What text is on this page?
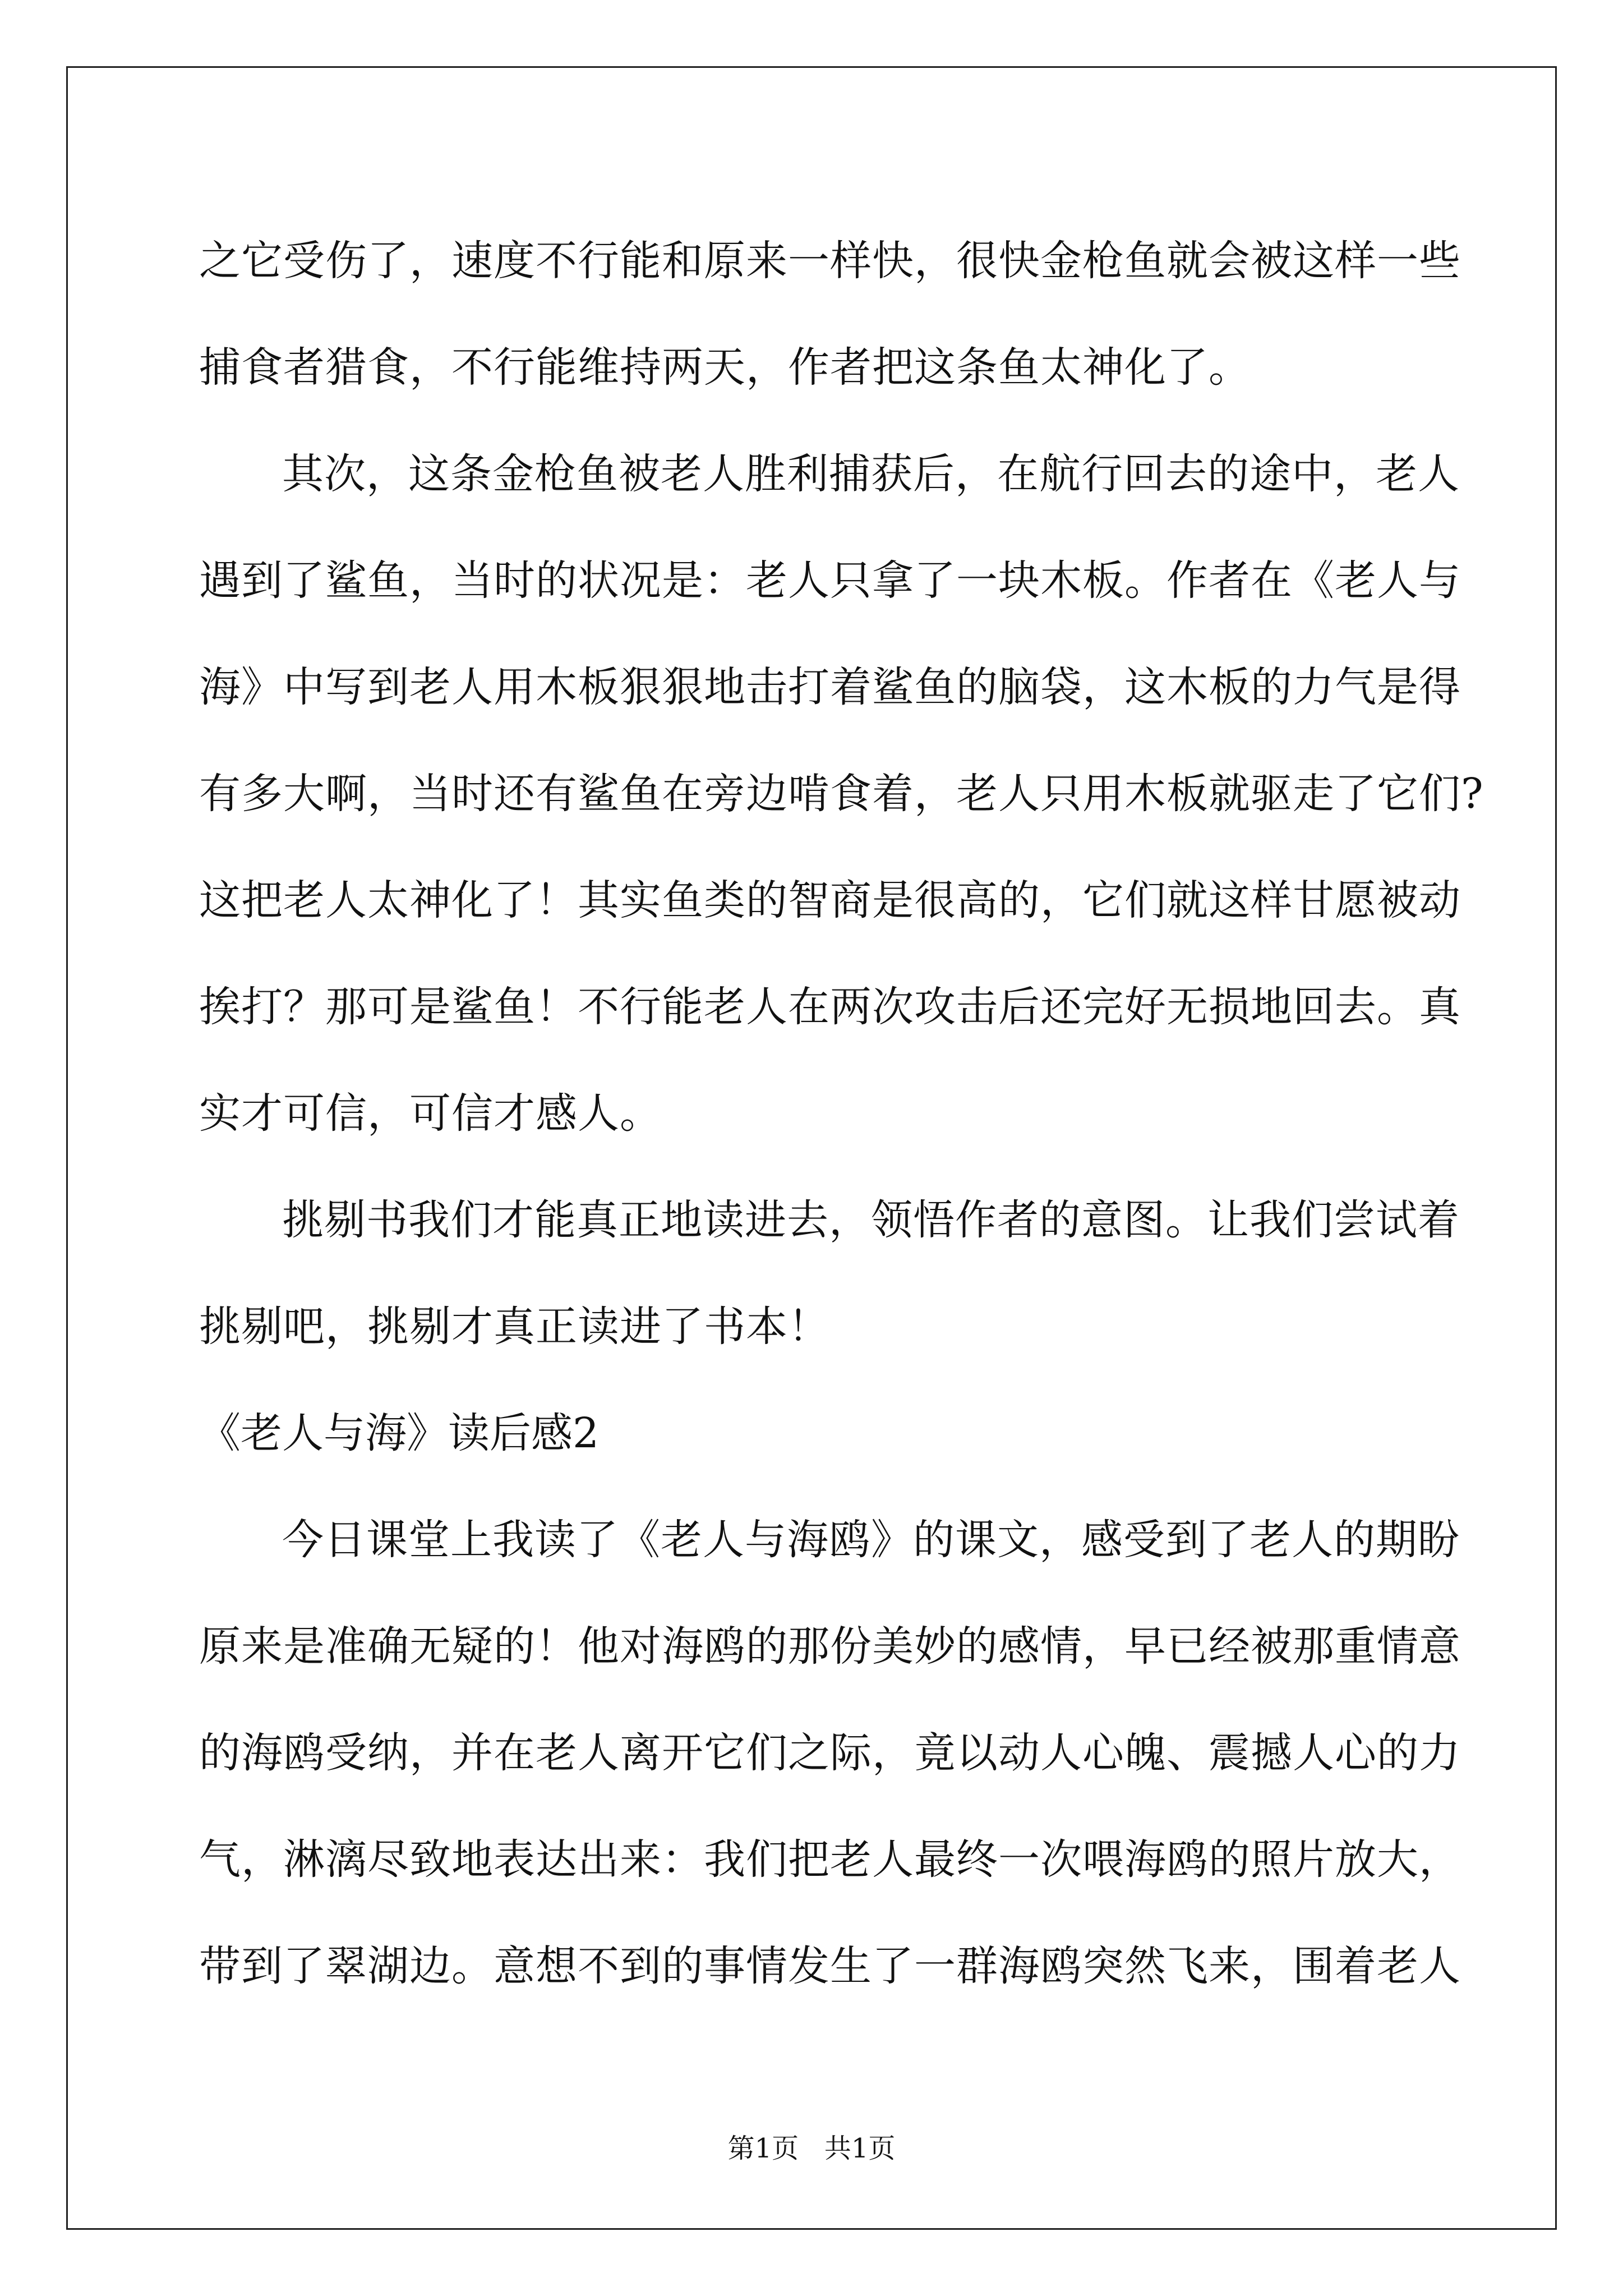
之它受伤了，速度不行能和原来一样快，很快金枪鱼就会被这样一些
捕食者猎食，不行能维持两天，作者把这条鱼太神化了。
其次，这条金枪鱼被老人胜利捕获后，在航行回去的途中，老人
遇到了鲨鱼，当时的状况是：老人只拿了一块木板。作者在《老人与
海》中写到老人用木板狠狠地击打着鲨鱼的脑袋，这木板的力气是得
有多大啊，当时还有鲨鱼在旁边啃食着，老人只用木板就驱走了它们?
这把老人太神化了！其实鱼类的智商是很高的，它们就这样甘愿被动
挨打？那可是鲨鱼！不行能老人在两次攻击后还完好无损地回去。真
实才可信，可信才感人。
挑剔书我们才能真正地读进去，领悟作者的意图。让我们尝试着
挑剔吧，挑剔才真正读进了书本！
《老人与海》读后感2
今日课堂上我读了《老人与海鸥》的课文，感受到了老人的期盼
原来是准确无疑的！他对海鸥的那份美妙的感情，早已经被那重情意
的海鸥受纳，并在老人离开它们之际，竟以动人心魄、震撼人心的力
气，淋漓尽致地表达出来：我们把老人最终一次喂海鸥的照片放大，
带到了翠湖边。意想不到的事情发生了一群海鸥突然飞来，围着老人
第1页   共1页
